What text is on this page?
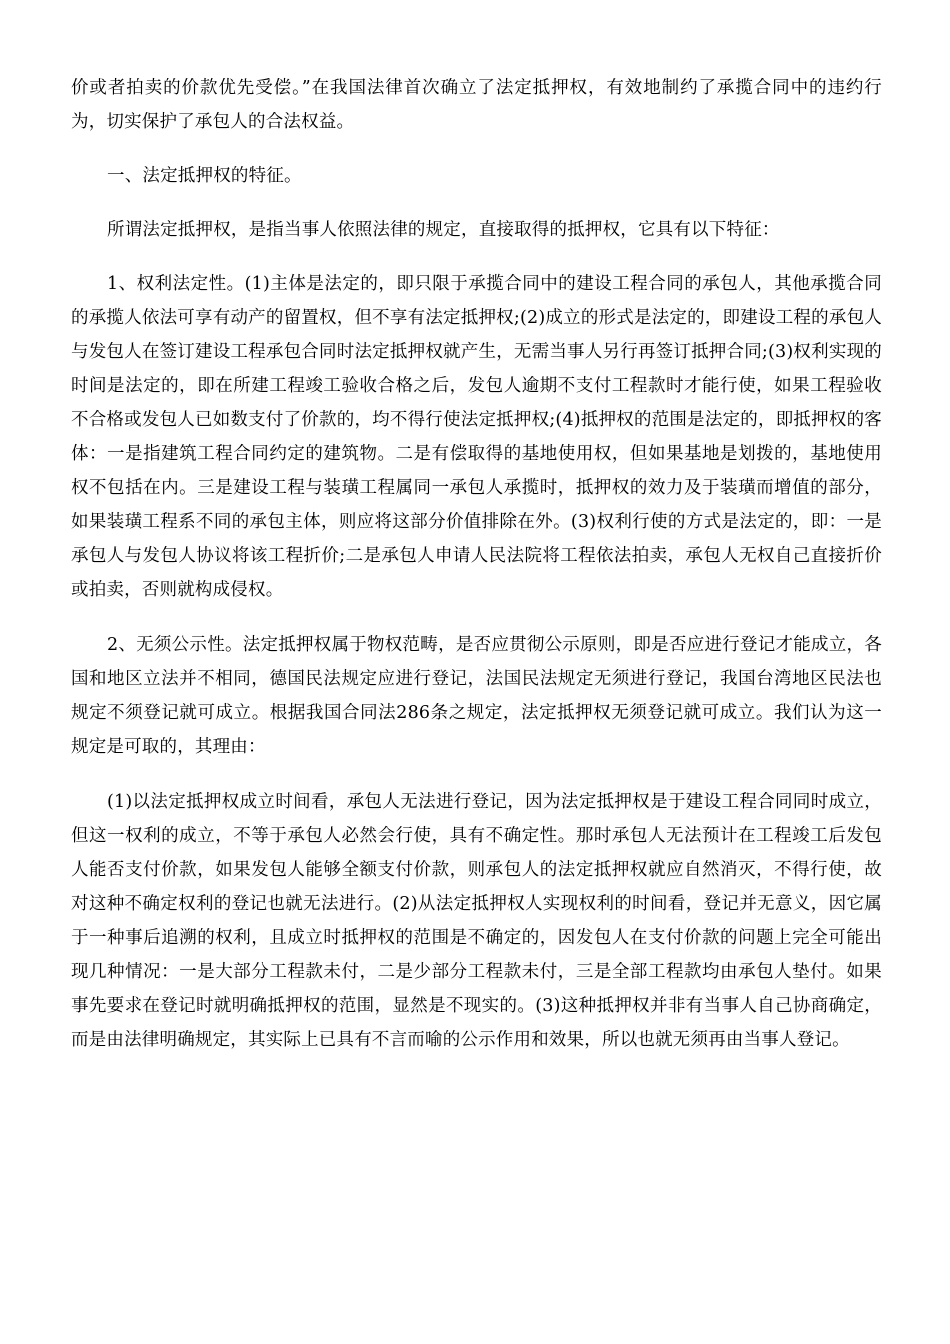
价或者拍卖的价款优先受偿。”在我国法律首次确立了法定抵押权，有效地制约了承揽合同中的违约行为，切实保护了承包人的合法权益。

一、法定抵押权的特征。

所谓法定抵押权，是指当事人依照法律的规定，直接取得的抵押权，它具有以下特征：

1、权利法定性。(1)主体是法定的，即只限于承揽合同中的建设工程合同的承包人，其他承揽合同的承揽人依法可享有动产的留置权，但不享有法定抵押权;(2)成立的形式是法定的，即建设工程的承包人与发包人在签订建设工程承包合同时法定抵押权就产生，无需当事人另行再签订抵押合同;(3)权利实现的时间是法定的，即在所建工程竣工验收合格之后，发包人逾期不支付工程款时才能行使，如果工程验收不合格或发包人已如数支付了价款的，均不得行使法定抵押权;(4)抵押权的范围是法定的，即抵押权的客体：一是指建筑工程合同约定的建筑物。二是有偿取得的基地使用权，但如果基地是划拨的，基地使用权不包括在内。三是建设工程与装璜工程属同一承包人承揽时，抵押权的效力及于装璜而增值的部分，如果装璜工程系不同的承包主体，则应将这部分价值排除在外。(3)权利行使的方式是法定的，即：一是承包人与发包人协议将该工程折价;二是承包人申请人民法院将工程依法拍卖，承包人无权自己直接折价或拍卖，否则就构成侵权。

2、无须公示性。法定抵押权属于物权范畴，是否应贯彻公示原则，即是否应进行登记才能成立，各国和地区立法并不相同，德国民法规定应进行登记，法国民法规定无须进行登记，我国台湾地区民法也规定不须登记就可成立。根据我国合同法286条之规定，法定抵押权无须登记就可成立。我们认为这一规定是可取的，其理由：

(1)以法定抵押权成立时间看，承包人无法进行登记，因为法定抵押权是于建设工程合同同时成立，但这一权利的成立，不等于承包人必然会行使，具有不确定性。那时承包人无法预计在工程竣工后发包人能否支付价款，如果发包人能够全额支付价款，则承包人的法定抵押权就应自然消灭，不得行使，故对这种不确定权利的登记也就无法进行。(2)从法定抵押权人实现权利的时间看，登记并无意义，因它属于一种事后追溯的权利，且成立时抵押权的范围是不确定的，因发包人在支付价款的问题上完全可能出现几种情况：一是大部分工程款未付，二是少部分工程款未付，三是全部工程款均由承包人垫付。如果事先要求在登记时就明确抵押权的范围，显然是不现实的。(3)这种抵押权并非有当事人自己协商确定，而是由法律明确规定，其实际上已具有不言而喻的公示作用和效果，所以也就无须再由当事人登记。
